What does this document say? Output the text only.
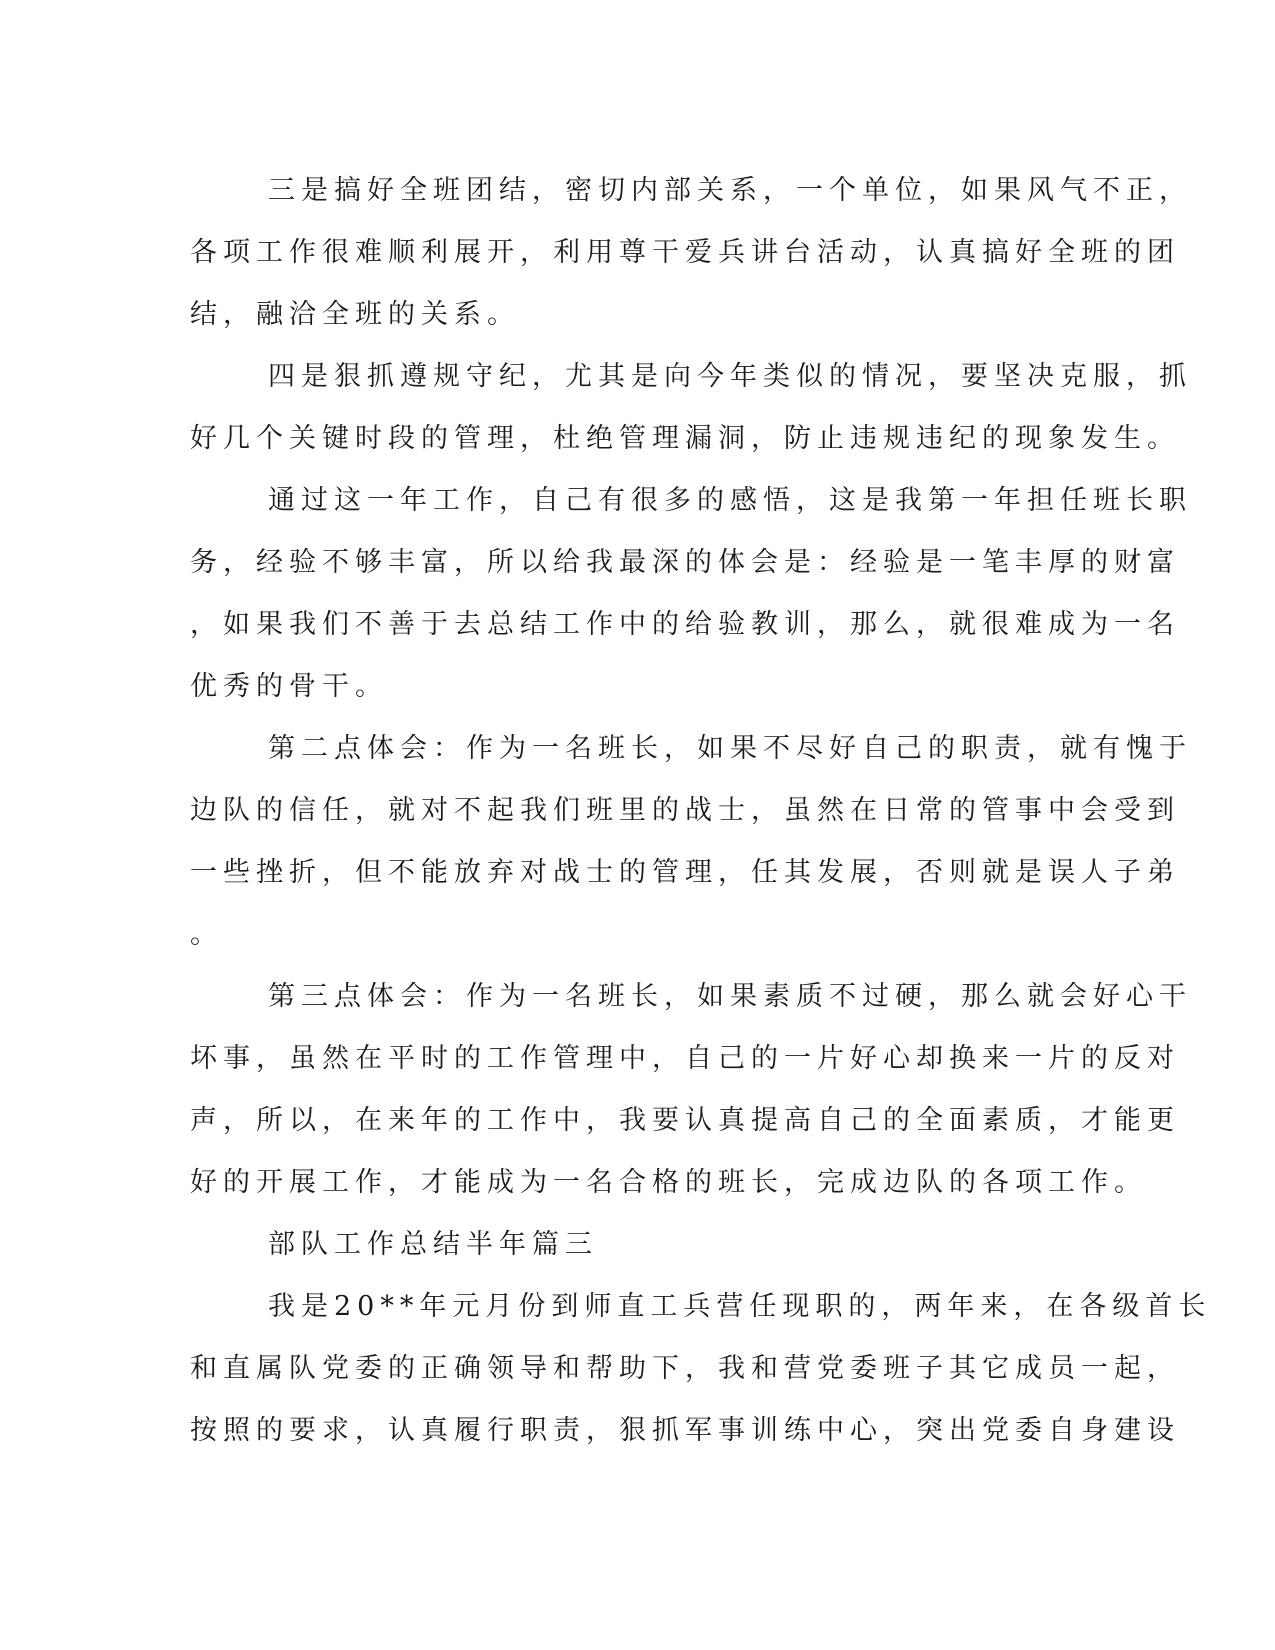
三是搞好全班团结，密切内部关系，一个单位，如果风气不正，
各项工作很难顺利展开，利用尊干爱兵讲台活动，认真搞好全班的团
结，融洽全班的关系。
四是狠抓遵规守纪，尤其是向今年类似的情况，要坚决克服，抓
好几个关键时段的管理，杜绝管理漏洞，防止违规违纪的现象发生。
通过这一年工作，自己有很多的感悟，这是我第一年担任班长职
务，经验不够丰富，所以给我最深的体会是：经验是一笔丰厚的财富
，如果我们不善于去总结工作中的给验教训，那么，就很难成为一名
优秀的骨干。
第二点体会：作为一名班长，如果不尽好自己的职责，就有愧于
边队的信任，就对不起我们班里的战士，虽然在日常的管事中会受到
一些挫折，但不能放弃对战士的管理，任其发展，否则就是误人子弟
。
第三点体会：作为一名班长，如果素质不过硬，那么就会好心干
坏事，虽然在平时的工作管理中，自己的一片好心却换来一片的反对
声，所以，在来年的工作中，我要认真提高自己的全面素质，才能更
好的开展工作，才能成为一名合格的班长，完成边队的各项工作。
部队工作总结半年篇三
我是20**年元月份到师直工兵营任现职的，两年来，在各级首长
和直属队党委的正确领导和帮助下，我和营党委班子其它成员一起，
按照的要求，认真履行职责，狠抓军事训练中心，突出党委自身建设
